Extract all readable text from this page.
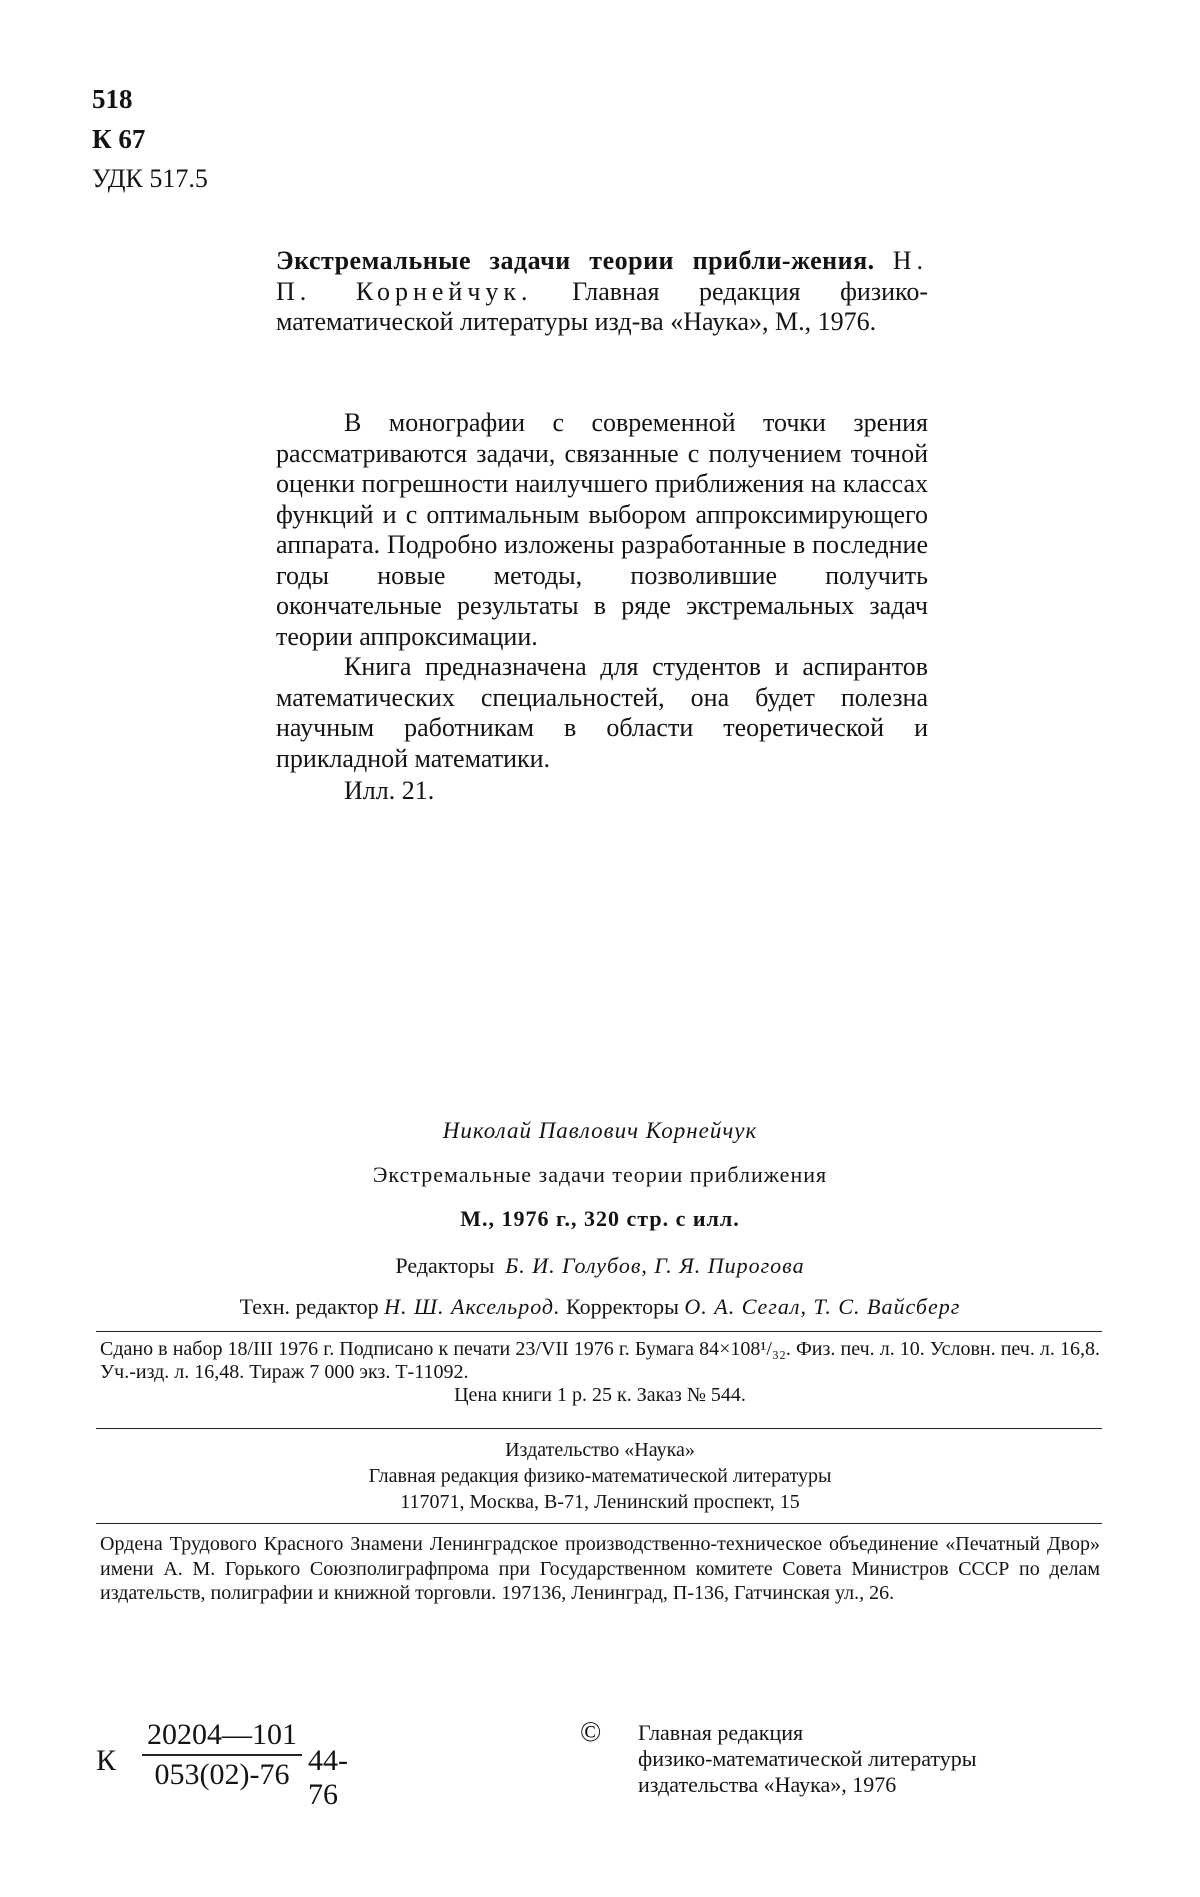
518
К 67
УДК 517.5
Экстремальные задачи теории прибли-жения. Н. П. Корнейчук. Главная редакция физико-математической литературы изд-ва «Наука», М., 1976.

В монографии с современной точки зрения рассматриваются задачи, связанные с получением точной оценки погрешности наилучшего приближения на классах функций и с оптимальным выбором аппроксимирующего аппарата. Подробно изложены разработанные в последние годы новые методы, позволившие получить окончательные результаты в ряде экстремальных задач теории аппроксимации.

Книга предназначена для студентов и аспирантов математических специальностей, она будет полезна научным работникам в области теоретической и прикладной математики.

Илл. 21.

Николай Павлович Корнейчук
Экстремальные задачи теории приближения
М., 1976 г., 320 стр. с илл.
Редакторы Б. И. Голубов, Г. Я. Пирогова
Техн. редактор Н. Ш. Аксельрод. Корректоры О. А. Сегал, Т. С. Вайсберг
Сдано в набор 18/III 1976 г. Подписано к печати 23/VII 1976 г. Бумага 84×108¹/₃₂. Физ. печ. л. 10. Условн. печ. л. 16,8. Уч.-изд. л. 16,48. Тираж 7 000 экз. Т-11092.
Цена книги 1 р. 25 к. Заказ № 544.
Издательство «Наука»
Главная редакция физико-математической литературы
117071, Москва, В-71, Ленинский проспект, 15
Ордена Трудового Красного Знамени Ленинградское производственно-техническое объединение «Печатный Двор» имени А. М. Горького Союзполиграфпрома при Государственном комитете Совета Министров СССР по делам издательств, полиграфии и книжной торговли. 197136, Ленинград, П-136, Гатчинская ул., 26.
К $\frac{20204—101}{053(02)-76} 44-76$
© Главная редакция
физико-математической литературы
издательства «Наука», 1976
